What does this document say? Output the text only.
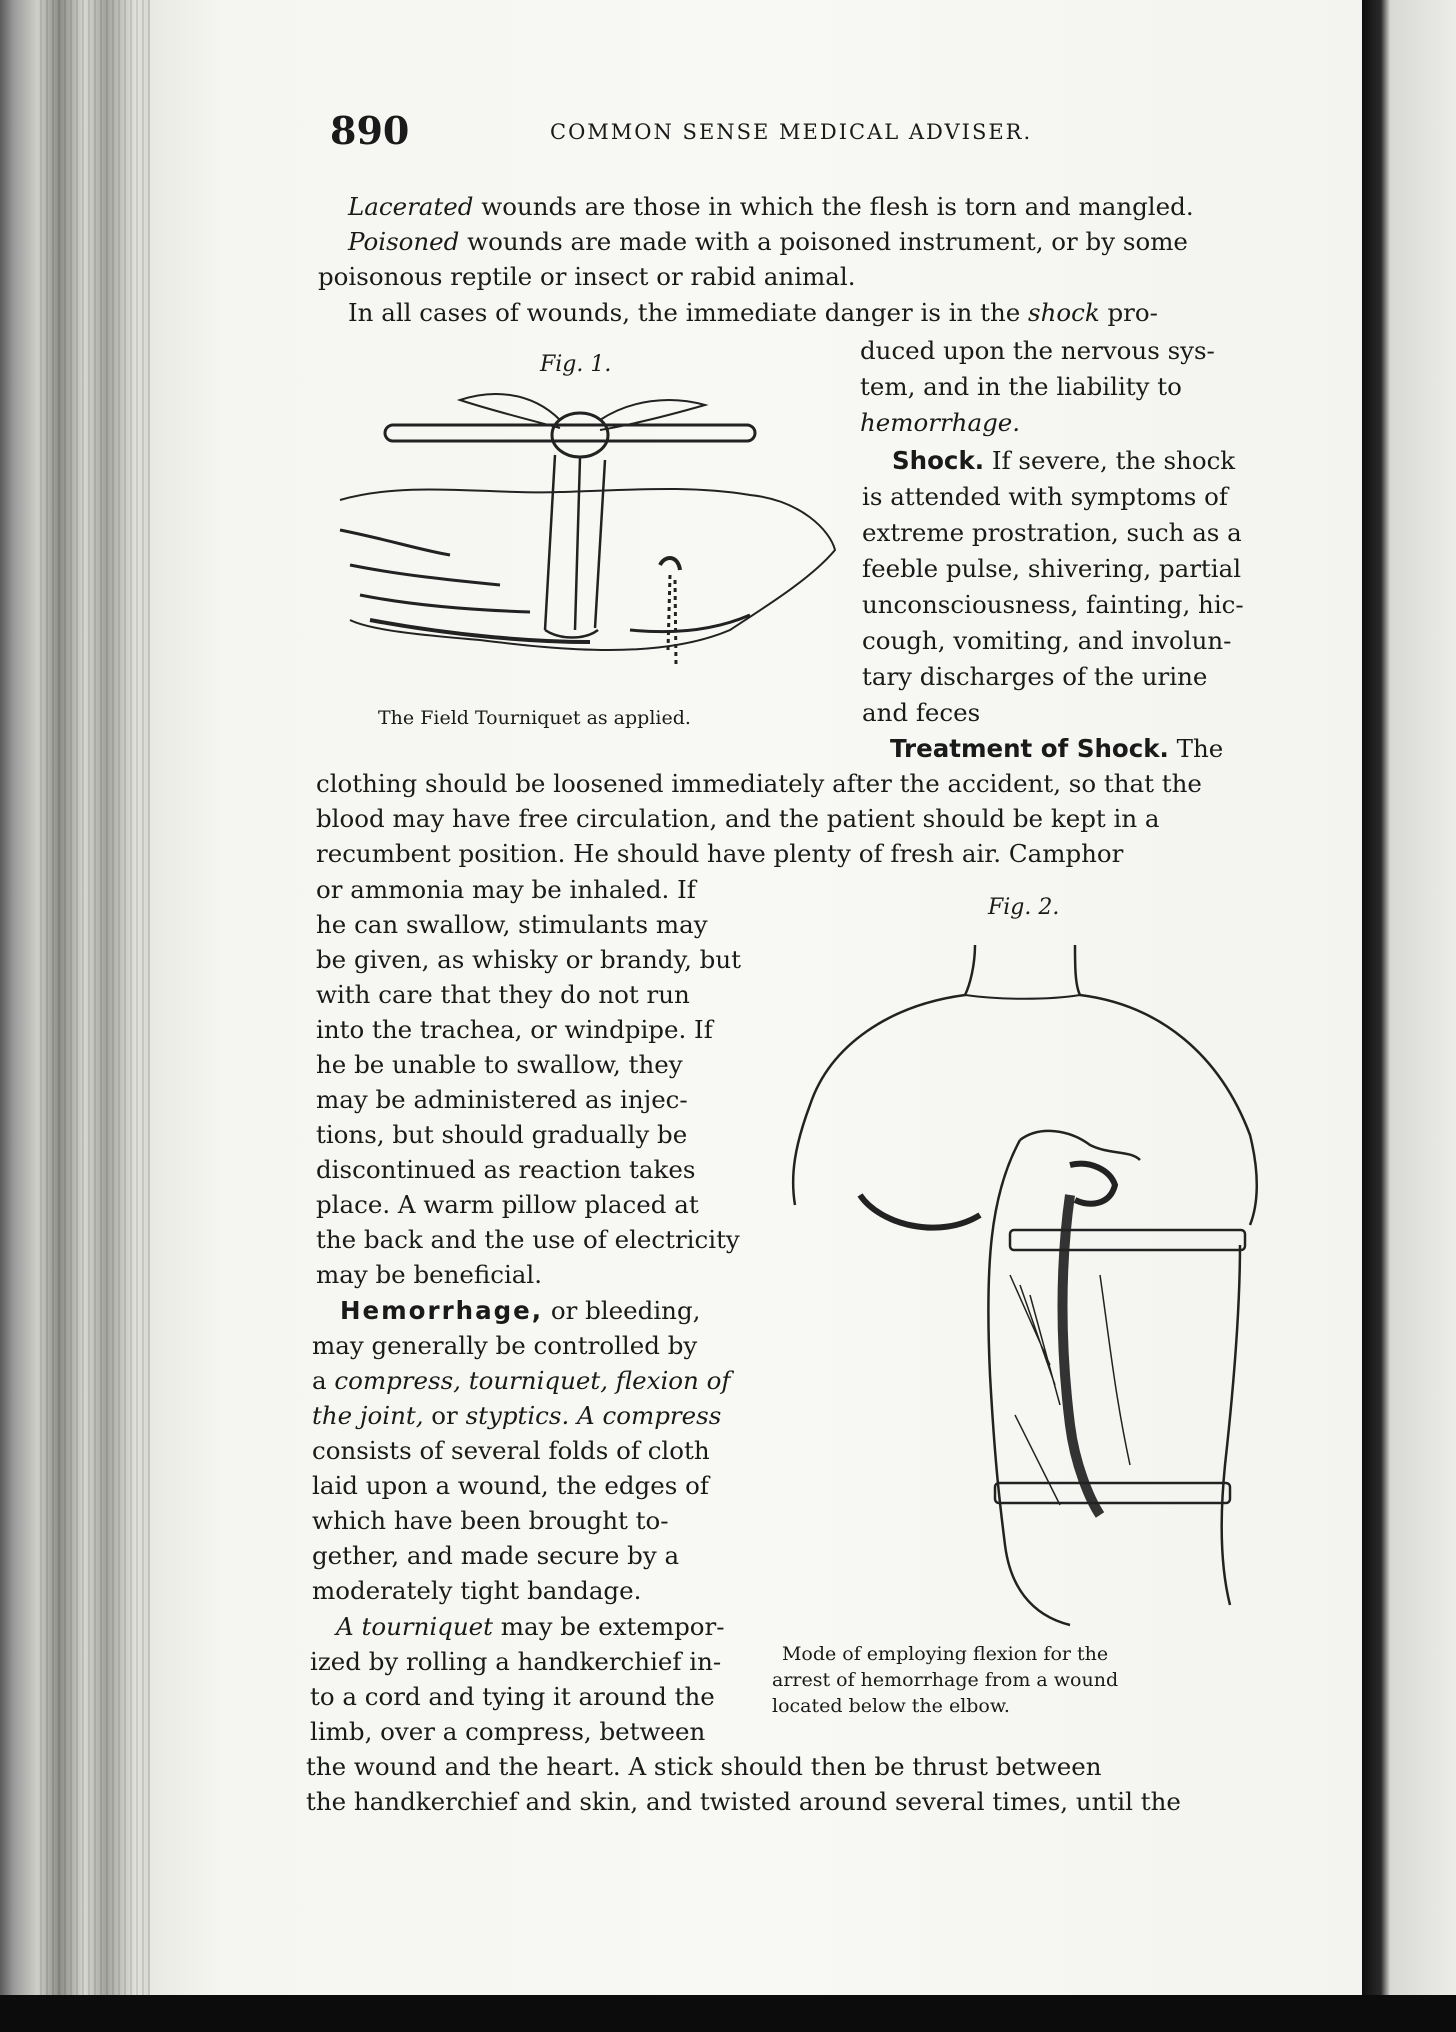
890	COMMON SENSE MEDICAL ADVISER.

Lacerated wounds are those in which the flesh is torn and mangled.

Poisoned wounds are made with a poisoned instrument, or by some

poisonous reptile or insect or rabid animal.

In all cases of wounds, the immediate danger is in the shock pro-

duced upon the nervous sys-

tem, and in the liability to

hemorrhage.

Shock. If severe, the shock

is attended with symptoms of

extreme prostration, such as a

feeble pulse, shivering, partial

unconsciousness, fainting, hic-

cough, vomiting, and involun-

tary discharges of the urine

and feces

Treatment of Shock. The

clothing should be loosened immediately after the accident, so that the

blood may have free circulation, and the patient should be kept in a

recumbent position. He should have plenty of fresh air. Camphor

or ammonia may be inhaled. If

he can swallow, stimulants may

be given, as whisky or brandy, but

with care that they do not run

into the trachea, or windpipe. If

he be unable to swallow, they

may be administered as injec-

tions, but should gradually be

discontinued as reaction takes

place. A warm pillow placed at

the back and the use of electricity

may be beneficial.

Hemorrhage, or bleeding,

may generally be controlled by

a compress, tourniquet, flexion of

the joint, or styptics. A compress

consists of several folds of cloth

laid upon a wound, the edges of

which have been brought to-

gether, and made secure by a

moderately tight bandage.

A tourniquet may be extempor-

ized by rolling a handkerchief in-

to a cord and tying it around the

limb, over a compress, between

the wound and the heart. A stick should then be thrust between

the handkerchief and skin, and twisted around several times, until the

Fig. 1.
The Field Tourniquet as applied.
Fig. 2.
Mode of employing flexion for the
arrest of hemorrhage from a wound
located below the elbow.
